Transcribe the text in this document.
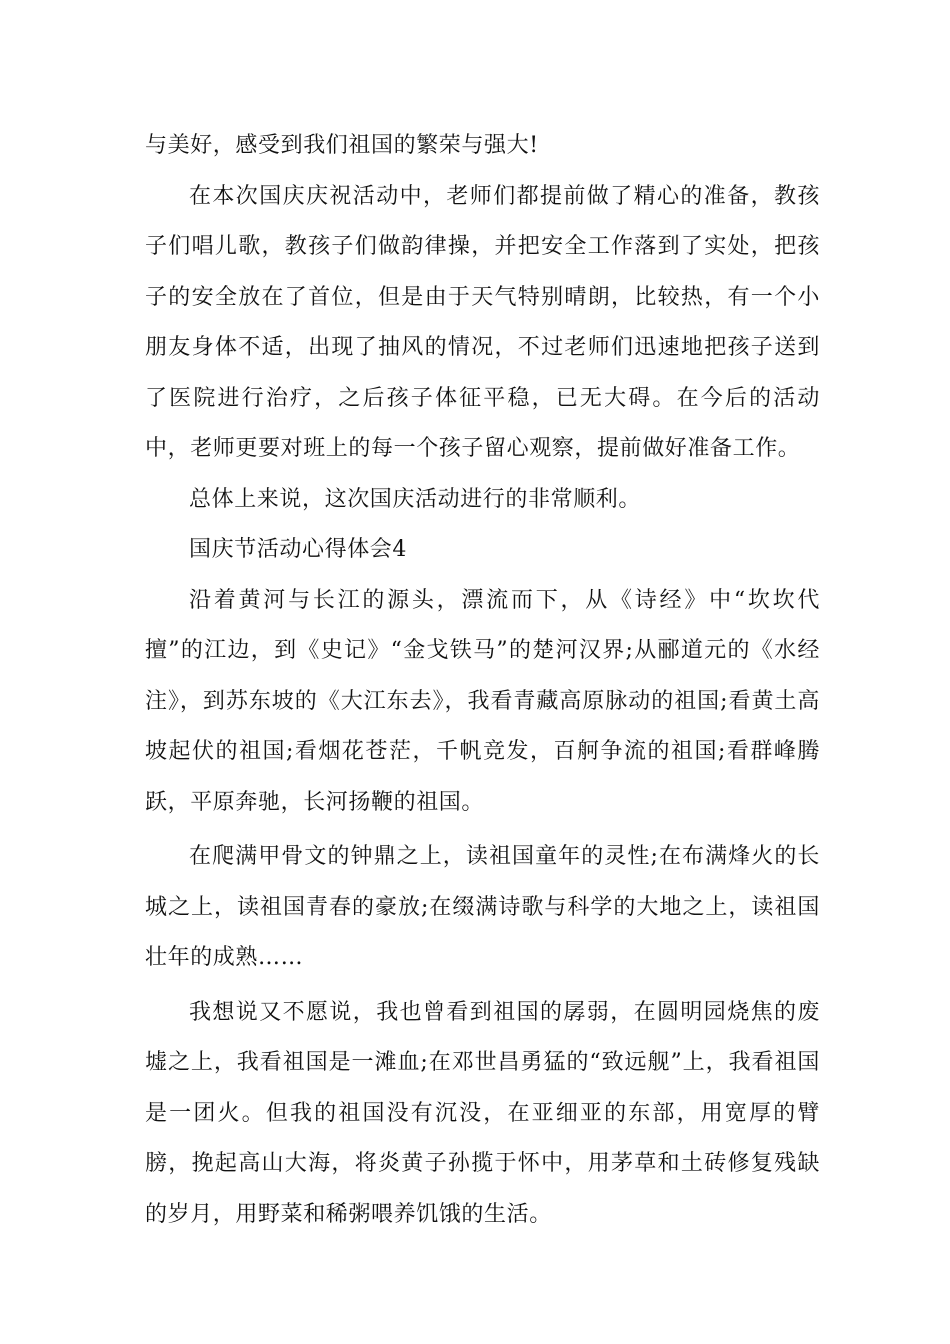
与美好，感受到我们祖国的繁荣与强大!

在本次国庆庆祝活动中，老师们都提前做了精心的准备，教孩子们唱儿歌，教孩子们做韵律操，并把安全工作落到了实处，把孩子的安全放在了首位，但是由于天气特别晴朗，比较热，有一个小朋友身体不适，出现了抽风的情况，不过老师们迅速地把孩子送到了医院进行治疗，之后孩子体征平稳，已无大碍。在今后的活动中，老师更要对班上的每一个孩子留心观察，提前做好准备工作。

总体上来说，这次国庆活动进行的非常顺利。

国庆节活动心得体会4

沿着黄河与长江的源头，漂流而下，从《诗经》中“坎坎代擅”的江边，到《史记》“金戈铁马”的楚河汉界;从郦道元的《水经注》，到苏东坡的《大江东去》，我看青藏高原脉动的祖国;看黄土高坡起伏的祖国;看烟花苍茫，千帆竞发，百舸争流的祖国;看群峰腾跃，平原奔驰，长河扬鞭的祖国。

在爬满甲骨文的钟鼎之上，读祖国童年的灵性;在布满烽火的长城之上，读祖国青春的豪放;在缀满诗歌与科学的大地之上，读祖国壮年的成熟……

我想说又不愿说，我也曾看到祖国的孱弱，在圆明园烧焦的废墟之上，我看祖国是一滩血;在邓世昌勇猛的“致远舰”上，我看祖国是一团火。但我的祖国没有沉没，在亚细亚的东部，用宽厚的臂膀，挽起高山大海，将炎黄子孙揽于怀中，用茅草和土砖修复残缺的岁月，用野菜和稀粥喂养饥饿的生活。
